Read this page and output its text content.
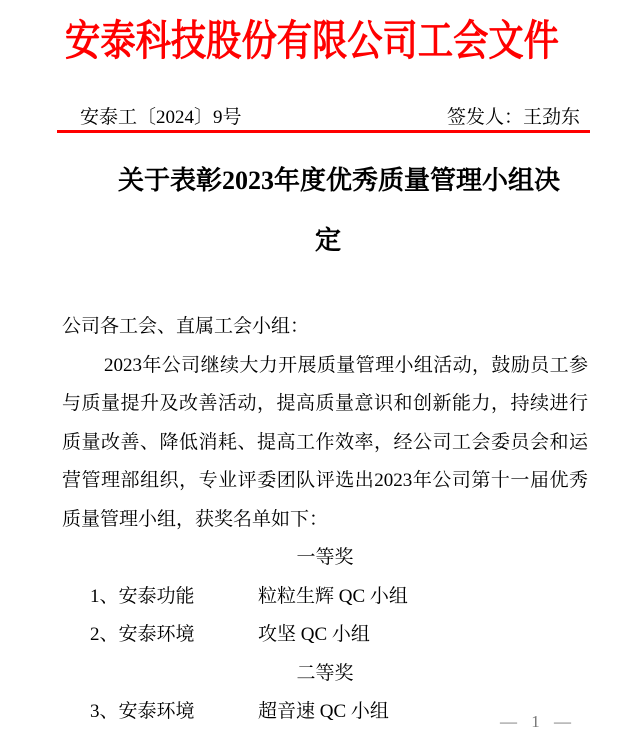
安泰科技股份有限公司工会文件
安泰工〔2024〕9号	签发人：王劲东
关于表彰2023年度优秀质量管理小组决
定
公司各工会、直属工会小组：
2023年公司继续大力开展质量管理小组活动，鼓励员工参
与质量提升及改善活动，提高质量意识和创新能力，持续进行
质量改善、降低消耗、提高工作效率，经公司工会委员会和运
营管理部组织，专业评委团队评选出2023年公司第十一届优秀
质量管理小组，获奖名单如下：
一等奖
1、安泰功能	粒粒生辉 QC 小组
2、安泰环境	攻坚 QC 小组
二等奖
3、安泰环境	超音速 QC 小组	— 1 —
